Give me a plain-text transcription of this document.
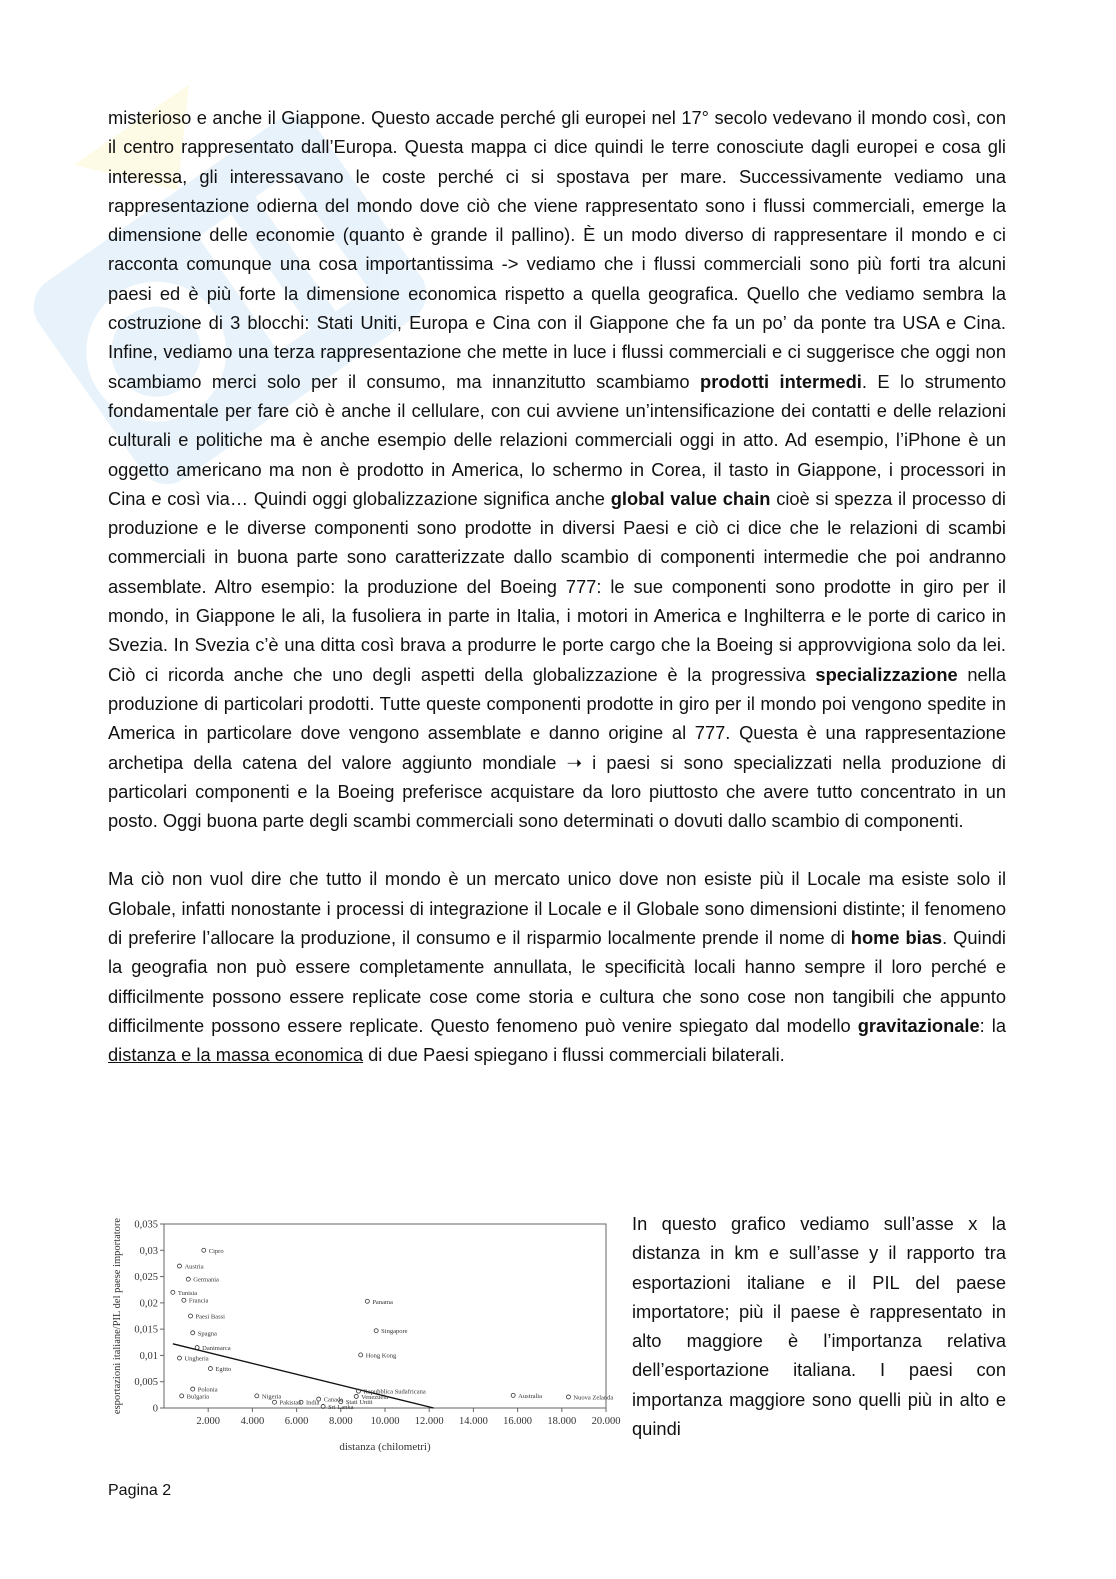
misterioso e anche il Giappone. Questo accade perché gli europei nel 17° secolo vedevano il mondo così, con il centro rappresentato dall’Europa. Questa mappa ci dice quindi le terre conosciute dagli europei e cosa gli interessa, gli interessavano le coste perché ci si spostava per mare. Successivamente vediamo una rappresentazione odierna del mondo dove ciò che viene rappresentato sono i flussi commerciali, emerge la dimensione delle economie (quanto è grande il pallino). È un modo diverso di rappresentare il mondo e ci racconta comunque una cosa importantissima -> vediamo che i flussi commerciali sono più forti tra alcuni paesi ed è più forte la dimensione economica rispetto a quella geografica. Quello che vediamo sembra la costruzione di 3 blocchi: Stati Uniti, Europa e Cina con il Giappone che fa un po’ da ponte tra USA e Cina. Infine, vediamo una terza rappresentazione che mette in luce i flussi commerciali e ci suggerisce che oggi non scambiamo merci solo per il consumo, ma innanzitutto scambiamo prodotti intermedi. E lo strumento fondamentale per fare ciò è anche il cellulare, con cui avviene un’intensificazione dei contatti e delle relazioni culturali e politiche ma è anche esempio delle relazioni commerciali oggi in atto. Ad esempio, l’iPhone è un oggetto americano ma non è prodotto in America, lo schermo in Corea, il tasto in Giappone, i processori in Cina e così via… Quindi oggi globalizzazione significa anche global value chain cioè si spezza il processo di produzione e le diverse componenti sono prodotte in diversi Paesi e ciò ci dice che le relazioni di scambi commerciali in buona parte sono caratterizzate dallo scambio di componenti intermedie che poi andranno assemblate. Altro esempio: la produzione del Boeing 777: le sue componenti sono prodotte in giro per il mondo, in Giappone le ali, la fusoliera in parte in Italia, i motori in America e Inghilterra e le porte di carico in Svezia. In Svezia c’è una ditta così brava a produrre le porte cargo che la Boeing si approvvigiona solo da lei. Ciò ci ricorda anche che uno degli aspetti della globalizzazione è la progressiva specializzazione nella produzione di particolari prodotti. Tutte queste componenti prodotte in giro per il mondo poi vengono spedite in America in particolare dove vengono assemblate e danno origine al 777. Questa è una rappresentazione archetipa della catena del valore aggiunto mondiale ➝ i paesi si sono specializzati nella produzione di particolari componenti e la Boeing preferisce acquistare da loro piuttosto che avere tutto concentrato in un posto. Oggi buona parte degli scambi commerciali sono determinati o dovuti dallo scambio di componenti.

Ma ciò non vuol dire che tutto il mondo è un mercato unico dove non esiste più il Locale ma esiste solo il Globale, infatti nonostante i processi di integrazione il Locale e il Globale sono dimensioni distinte; il fenomeno di preferire l’allocare la produzione, il consumo e il risparmio localmente prende il nome di home bias. Quindi la geografia non può essere completamente annullata, le specificità locali hanno sempre il loro perché e difficilmente possono essere replicate cose come storia e cultura che sono cose non tangibili che appunto difficilmente possono essere replicate. Questo fenomeno può venire spiegato dal modello gravitazionale: la distanza e la massa economica di due Paesi spiegano i flussi commerciali bilaterali.

0
0,005
0,01
0,015
0,02
0,025
0,03
0,035
2.000 4.000 6.000 8.000 10.000 12.000 14.000 16.000 18.000 20.000
distanza (chilometri)
esportazioni italiane/PIL del paese importatore	Cipro
Austria
Germania
Tunisia
Francia
Paesi Bassi
Spagna
Danimarca
Ungheria
Egitto
Polonia
Bulgaria	Nigeria
Pakistan India
Sri Lanka
Canada Stati Uniti
Panama
Singapore
Hong Kong
Repubblica Sudafricana
Venezuela	Australia	Nuova Zelanda

In questo grafico vediamo sull’asse x la distanza in km e sull’asse y il rapporto tra esportazioni italiane e il PIL del paese importatore; più il paese è rappresentato in alto maggiore è l’importanza relativa dell’esportazione italiana. I paesi con importanza maggiore sono quelli più in alto e quindi

Pagina 2
